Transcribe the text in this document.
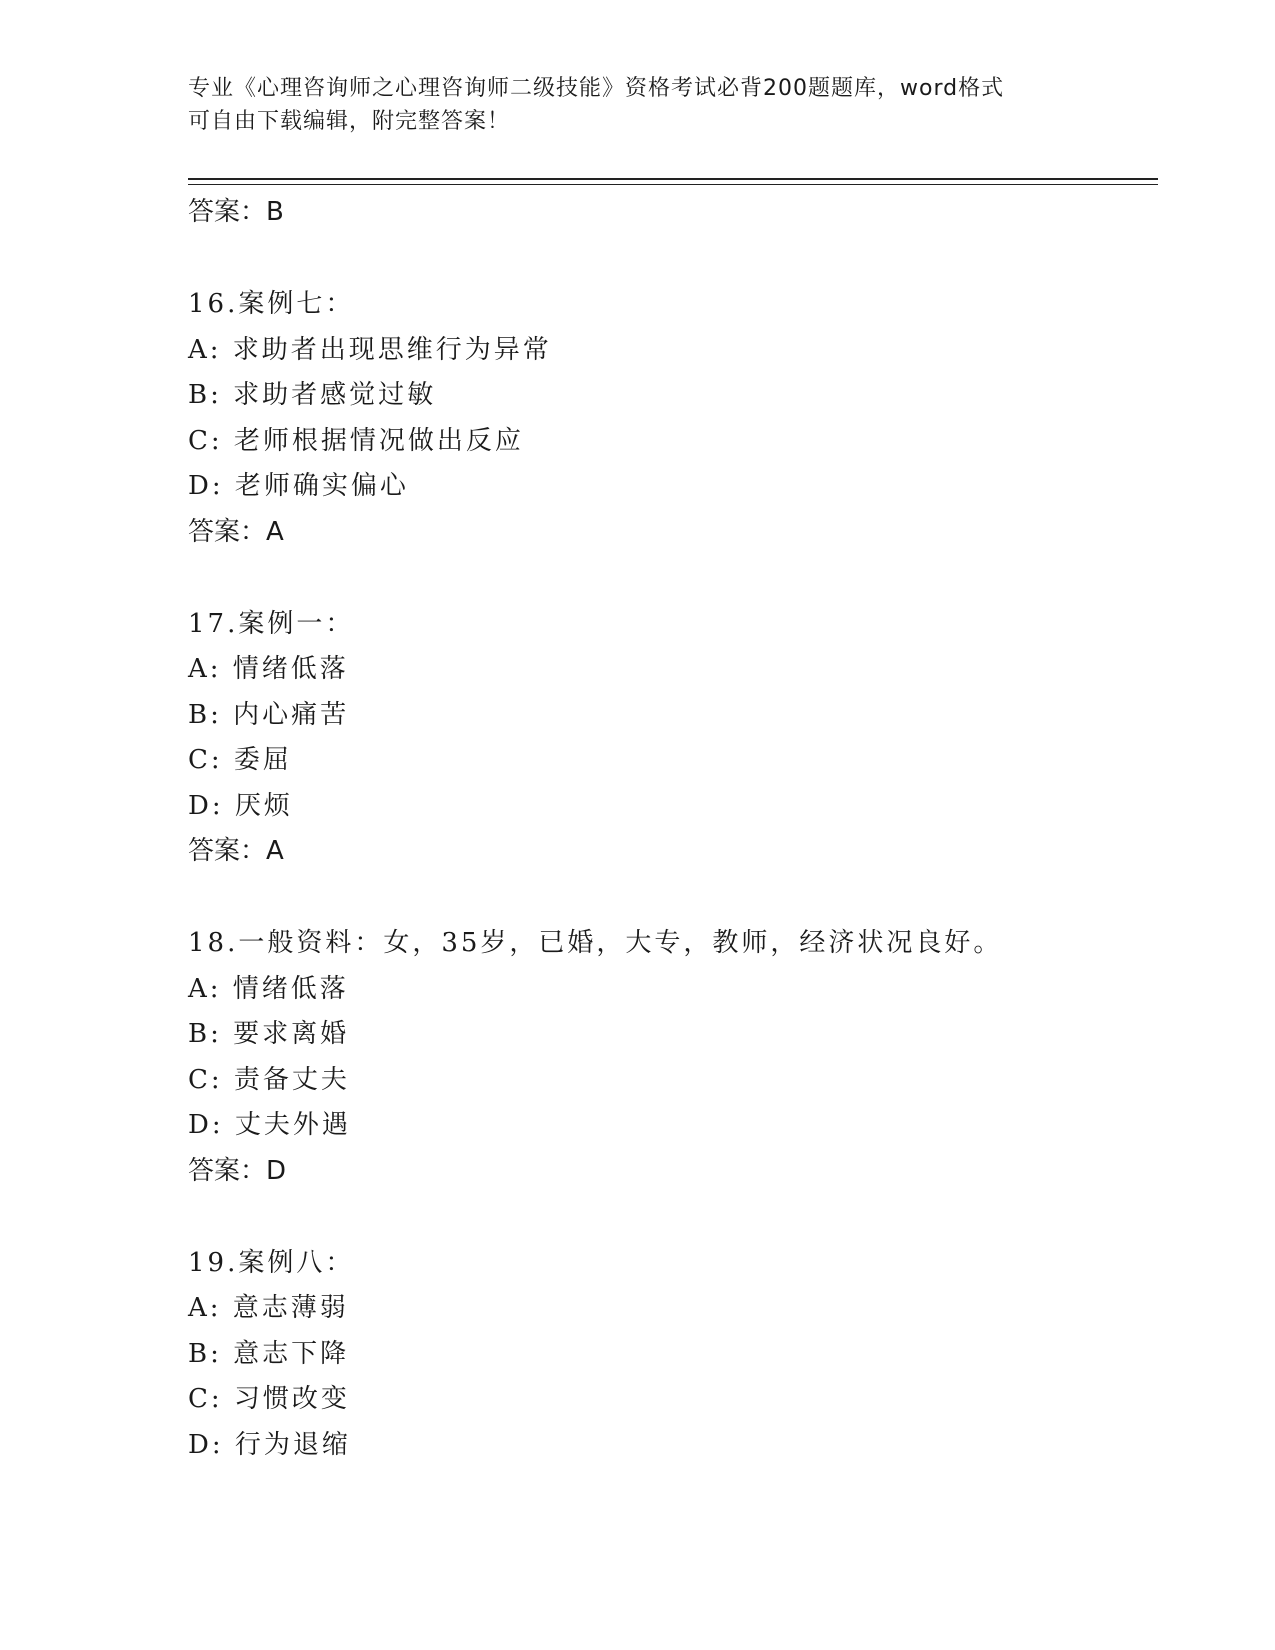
专业《心理咨询师之心理咨询师二级技能》资格考试必背200题题库，word格式
可自由下载编辑，附完整答案！
答案：B
16.案例七：
A: 求助者出现思维行为异常
B: 求助者感觉过敏
C: 老师根据情况做出反应
D: 老师确实偏心
答案：A
17.案例一：
A: 情绪低落
B: 内心痛苦
C: 委屈
D: 厌烦
答案：A
18.一般资料：女，35岁，已婚，大专，教师，经济状况良好。
A: 情绪低落
B: 要求离婚
C: 责备丈夫
D: 丈夫外遇
答案：D
19.案例八：
A: 意志薄弱
B: 意志下降
C: 习惯改变
D: 行为退缩
